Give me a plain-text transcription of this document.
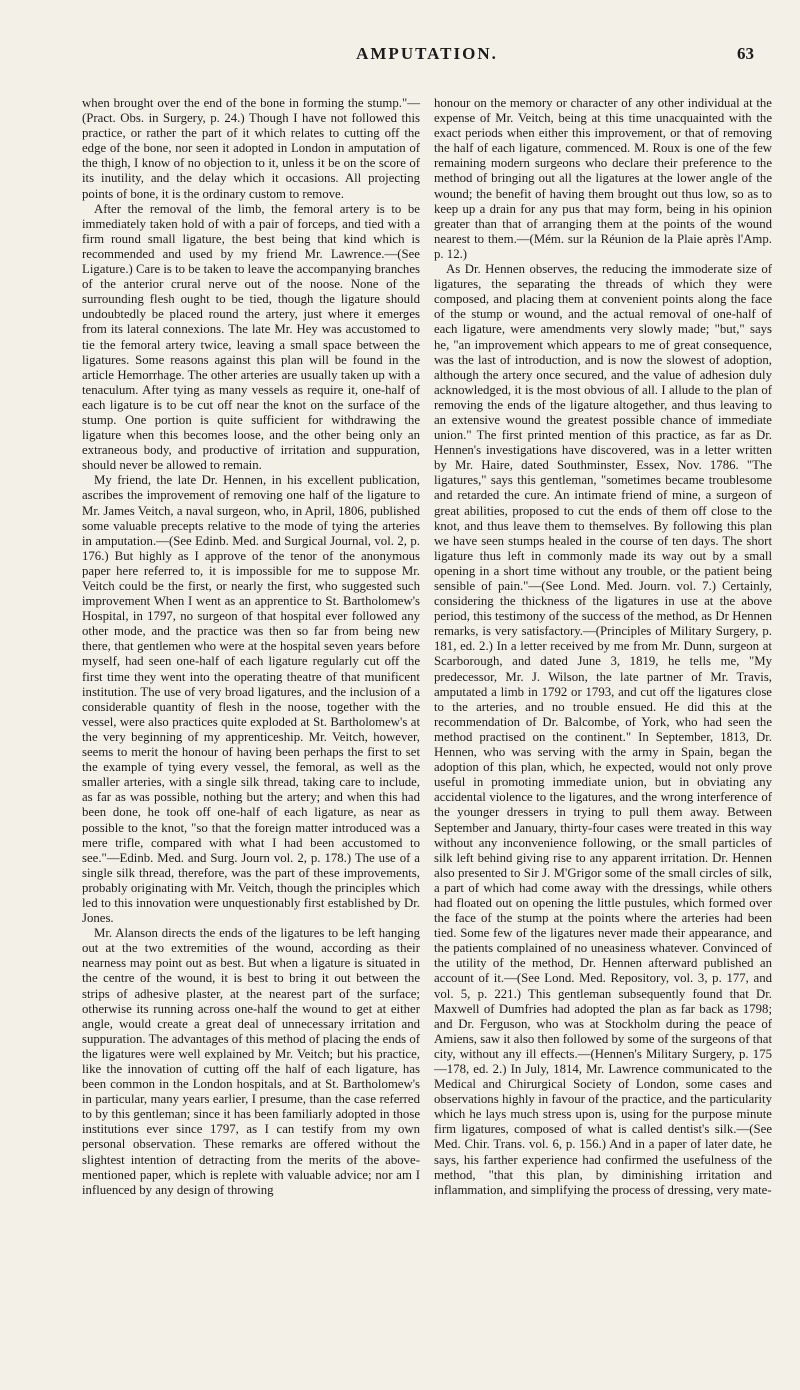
AMPUTATION.	63

when brought over the end of the bone in forming the stump."—(Pract. Obs. in Surgery, p. 24.) Though I have not followed this practice, or rather the part of it which relates to cutting off the edge of the bone, nor seen it adopted in London in amputation of the thigh, I know of no objection to it, unless it be on the score of its inutility, and the delay which it occasions. All projecting points of bone, it is the ordinary custom to remove.

After the removal of the limb, the femoral artery is to be immediately taken hold of with a pair of forceps, and tied with a firm round small ligature, the best being that kind which is recommended and used by my friend Mr. Lawrence.—(See Ligature.) Care is to be taken to leave the accompanying branches of the anterior crural nerve out of the noose. None of the surrounding flesh ought to be tied, though the ligature should undoubtedly be placed round the artery, just where it emerges from its lateral connexions. The late Mr. Hey was accustomed to tie the femoral artery twice, leaving a small space between the ligatures. Some reasons against this plan will be found in the article Hemorrhage. The other arteries are usually taken up with a tenaculum. After tying as many vessels as require it, one-half of each ligature is to be cut off near the knot on the surface of the stump. One portion is quite sufficient for withdrawing the ligature when this becomes loose, and the other being only an extraneous body, and productive of irritation and suppuration, should never be allowed to remain.

My friend, the late Dr. Hennen, in his excellent publication, ascribes the improvement of removing one half of the ligature to Mr. James Veitch, a naval surgeon, who, in April, 1806, published some valuable precepts relative to the mode of tying the arteries in amputation.—(See Edinb. Med. and Surgical Journal, vol. 2, p. 176.) But highly as I approve of the tenor of the anonymous paper here referred to, it is impossible for me to suppose Mr. Veitch could be the first, or nearly the first, who suggested such improvement When I went as an apprentice to St. Bartholomew's Hospital, in 1797, no surgeon of that hospital ever followed any other mode, and the practice was then so far from being new there, that gentlemen who were at the hospital seven years before myself, had seen one-half of each ligature regularly cut off the first time they went into the operating theatre of that munificent institution. The use of very broad ligatures, and the inclusion of a considerable quantity of flesh in the noose, together with the vessel, were also practices quite exploded at St. Bartholomew's at the very beginning of my apprenticeship. Mr. Veitch, however, seems to merit the honour of having been perhaps the first to set the example of tying every vessel, the femoral, as well as the smaller arteries, with a single silk thread, taking care to include, as far as was possible, nothing but the artery; and when this had been done, he took off one-half of each ligature, as near as possible to the knot, "so that the foreign matter introduced was a mere trifle, compared with what I had been accustomed to see."—Edinb. Med. and Surg. Journ vol. 2, p. 178.) The use of a single silk thread, therefore, was the part of these improvements, probably originating with Mr. Veitch, though the principles which led to this innovation were unquestionably first established by Dr. Jones.

Mr. Alanson directs the ends of the ligatures to be left hanging out at the two extremities of the wound, according as their nearness may point out as best. But when a ligature is situated in the centre of the wound, it is best to bring it out between the strips of adhesive plaster, at the nearest part of the surface; otherwise its running across one-half the wound to get at either angle, would create a great deal of unnecessary irritation and suppuration. The advantages of this method of placing the ends of the ligatures were well explained by Mr. Veitch; but his practice, like the innovation of cutting off the half of each ligature, has been common in the London hospitals, and at St. Bartholomew's in particular, many years earlier, I presume, than the case referred to by this gentleman; since it has been familiarly adopted in those institutions ever since 1797, as I can testify from my own personal observation. These remarks are offered without the slightest intention of detracting from the merits of the above-mentioned paper, which is replete with valuable advice; nor am I influenced by any design of throwing

honour on the memory or character of any other individual at the expense of Mr. Veitch, being at this time unacquainted with the exact periods when either this improvement, or that of removing the half of each ligature, commenced. M. Roux is one of the few remaining modern surgeons who declare their preference to the method of bringing out all the ligatures at the lower angle of the wound; the benefit of having them brought out thus low, so as to keep up a drain for any pus that may form, being in his opinion greater than that of arranging them at the points of the wound nearest to them.—(Mém. sur la Réunion de la Plaie après l'Amp. p. 12.)

As Dr. Hennen observes, the reducing the immoderate size of ligatures, the separating the threads of which they were composed, and placing them at convenient points along the face of the stump or wound, and the actual removal of one-half of each ligature, were amendments very slowly made; "but," says he, "an improvement which appears to me of great consequence, was the last of introduction, and is now the slowest of adoption, although the artery once secured, and the value of adhesion duly acknowledged, it is the most obvious of all. I allude to the plan of removing the ends of the ligature altogether, and thus leaving to an extensive wound the greatest possible chance of immediate union." The first printed mention of this practice, as far as Dr. Hennen's investigations have discovered, was in a letter written by Mr. Haire, dated Southminster, Essex, Nov. 1786. "The ligatures," says this gentleman, "sometimes became troublesome and retarded the cure. An intimate friend of mine, a surgeon of great abilities, proposed to cut the ends of them off close to the knot, and thus leave them to themselves. By following this plan we have seen stumps healed in the course of ten days. The short ligature thus left in commonly made its way out by a small opening in a short time without any trouble, or the patient being sensible of pain."—(See Lond. Med. Journ. vol. 7.) Certainly, considering the thickness of the ligatures in use at the above period, this testimony of the success of the method, as Dr Hennen remarks, is very satisfactory.—(Principles of Military Surgery, p. 181, ed. 2.) In a letter received by me from Mr. Dunn, surgeon at Scarborough, and dated June 3, 1819, he tells me, "My predecessor, Mr. J. Wilson, the late partner of Mr. Travis, amputated a limb in 1792 or 1793, and cut off the ligatures close to the arteries, and no trouble ensued. He did this at the recommendation of Dr. Balcombe, of York, who had seen the method practised on the continent." In September, 1813, Dr. Hennen, who was serving with the army in Spain, began the adoption of this plan, which, he expected, would not only prove useful in promoting immediate union, but in obviating any accidental violence to the ligatures, and the wrong interference of the younger dressers in trying to pull them away. Between September and January, thirty-four cases were treated in this way without any inconvenience following, or the small particles of silk left behind giving rise to any apparent irritation. Dr. Hennen also presented to Sir J. M'Grigor some of the small circles of silk, a part of which had come away with the dressings, while others had floated out on opening the little pustules, which formed over the face of the stump at the points where the arteries had been tied. Some few of the ligatures never made their appearance, and the patients complained of no uneasiness whatever. Convinced of the utility of the method, Dr. Hennen afterward published an account of it.—(See Lond. Med. Repository, vol. 3, p. 177, and vol. 5, p. 221.) This gentleman subsequently found that Dr. Maxwell of Dumfries had adopted the plan as far back as 1798; and Dr. Ferguson, who was at Stockholm during the peace of Amiens, saw it also then followed by some of the surgeons of that city, without any ill effects.—(Hennen's Military Surgery, p. 175—178, ed. 2.) In July, 1814, Mr. Lawrence communicated to the Medical and Chirurgical Society of London, some cases and observations highly in favour of the practice, and the particularity which he lays much stress upon is, using for the purpose minute firm ligatures, composed of what is called dentist's silk.—(See Med. Chir. Trans. vol. 6, p. 156.) And in a paper of later date, he says, his farther experience had confirmed the usefulness of the method, "that this plan, by diminishing irritation and inflammation, and simplifying the process of dressing, very mate-
